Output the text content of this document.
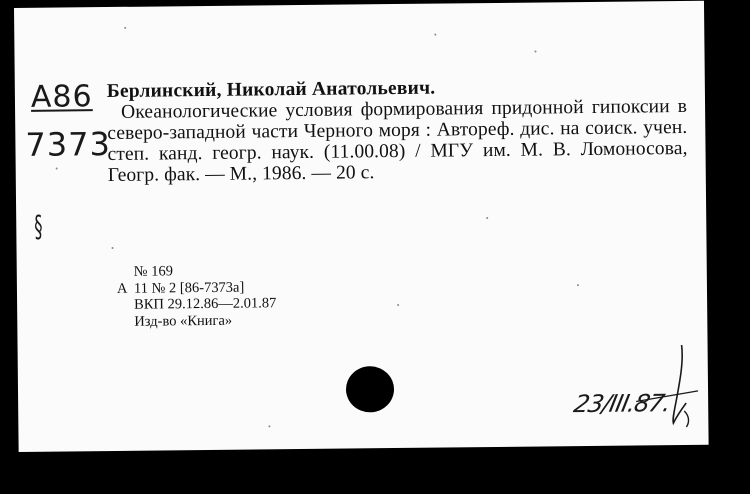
А86
7373
§
Берлинский, Николай Анатольевич.

Океанологические условия формирования придонной гипоксии в северо-западной части Черного моря : Автореф. дис. на соиск. учен. степ. канд. геогр. наук. (11.00.08) / МГУ им. М. В. Ломоносова, Геогр. фак. — М., 1986. — 20 с.

№ 169
А 11 № 2 [86-7373а]
ВКП 29.12.86—2.01.87
Изд-во «Книга»
23/III.87.
